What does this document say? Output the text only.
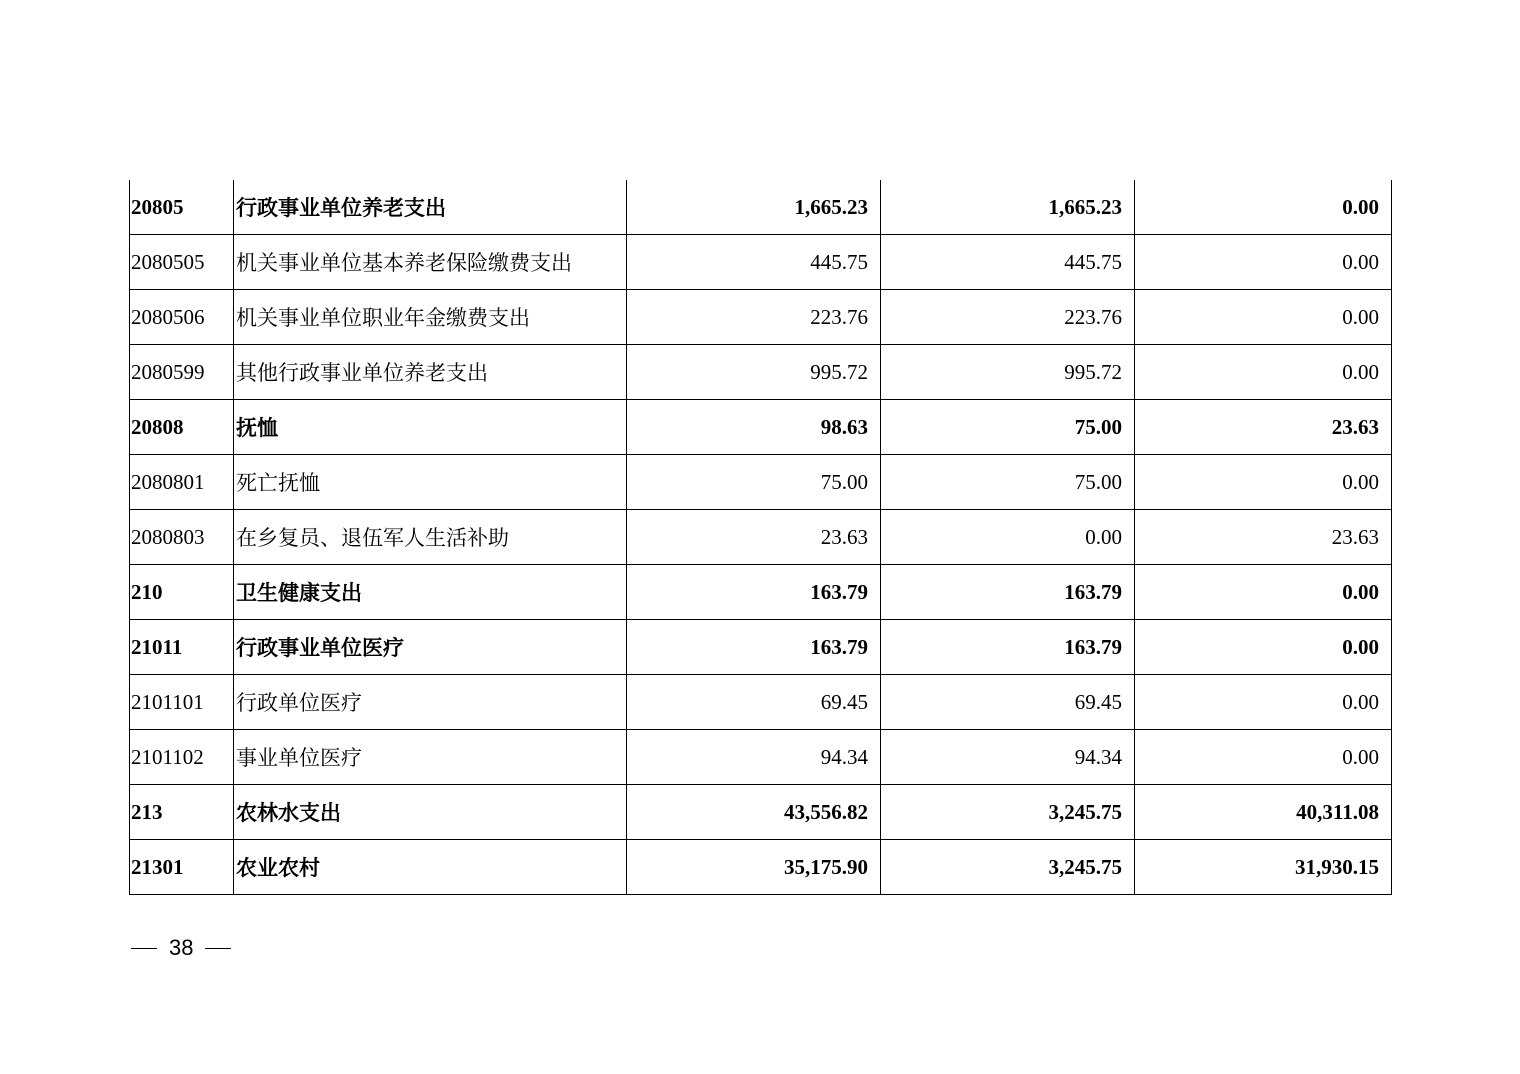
20805	行政事业单位养老支出	1,665.23	1,665.23	0.00
2080505	机关事业单位基本养老保险缴费支出	445.75	445.75	0.00
2080506	机关事业单位职业年金缴费支出	223.76	223.76	0.00
2080599	其他行政事业单位养老支出	995.72	995.72	0.00
20808	抚恤	98.63	75.00	23.63
2080801	死亡抚恤	75.00	75.00	0.00
2080803	在乡复员、退伍军人生活补助	23.63	0.00	23.63
210	卫生健康支出	163.79	163.79	0.00
21011	行政事业单位医疗	163.79	163.79	0.00
2101101	行政单位医疗	69.45	69.45	0.00
2101102	事业单位医疗	94.34	94.34	0.00
213	农林水支出	43,556.82	3,245.75	40,311.08
21301	农业农村	35,175.90	3,245.75	31,930.15
38
